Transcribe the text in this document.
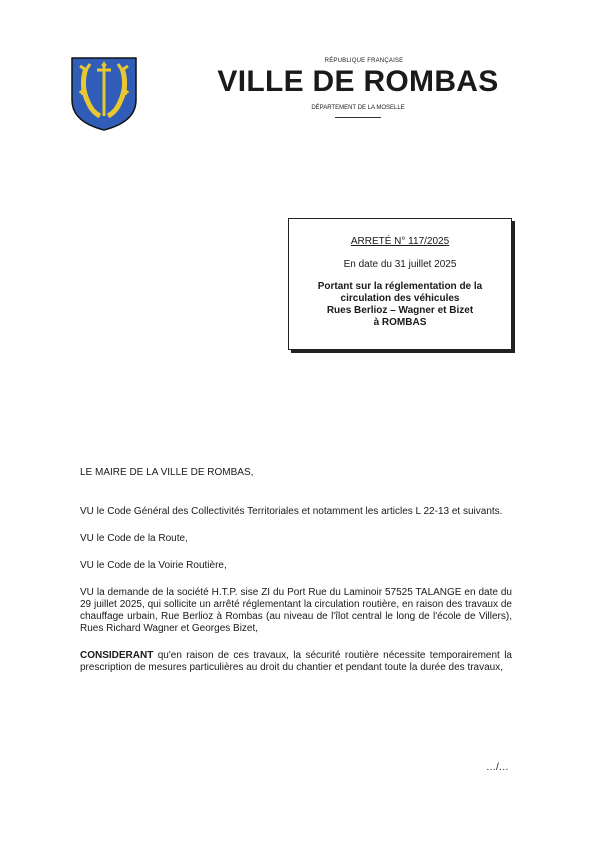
RÉPUBLIQUE FRANÇAISE
VILLE DE ROMBAS
DÉPARTEMENT DE LA MOSELLE
ARRETÉ N° 117/2025
En date du 31 juillet 2025
Portant sur la réglementation de la
circulation des véhicules
Rues Berlioz – Wagner et Bizet
à ROMBAS

LE MAIRE DE LA VILLE DE ROMBAS,

VU le Code Général des Collectivités Territoriales et notamment les articles L 22-13 et suivants.

VU le Code de la Route,

VU le Code de la Voirie Routière,

VU la demande de la société H.T.P. sise ZI du Port Rue du Laminoir 57525 TALANGE en date du 29 juillet 2025, qui sollicite un arrêté réglementant la circulation routière, en raison des travaux de chauffage urbain, Rue Berlioz à Rombas (au niveau de l'îlot central le long de l'école de Villers), Rues Richard Wagner et Georges Bizet,

CONSIDERANT qu'en raison de ces travaux, la sécurité routière nécessite temporairement la prescription de mesures particulières au droit du chantier et pendant toute la durée des travaux,

…/…
